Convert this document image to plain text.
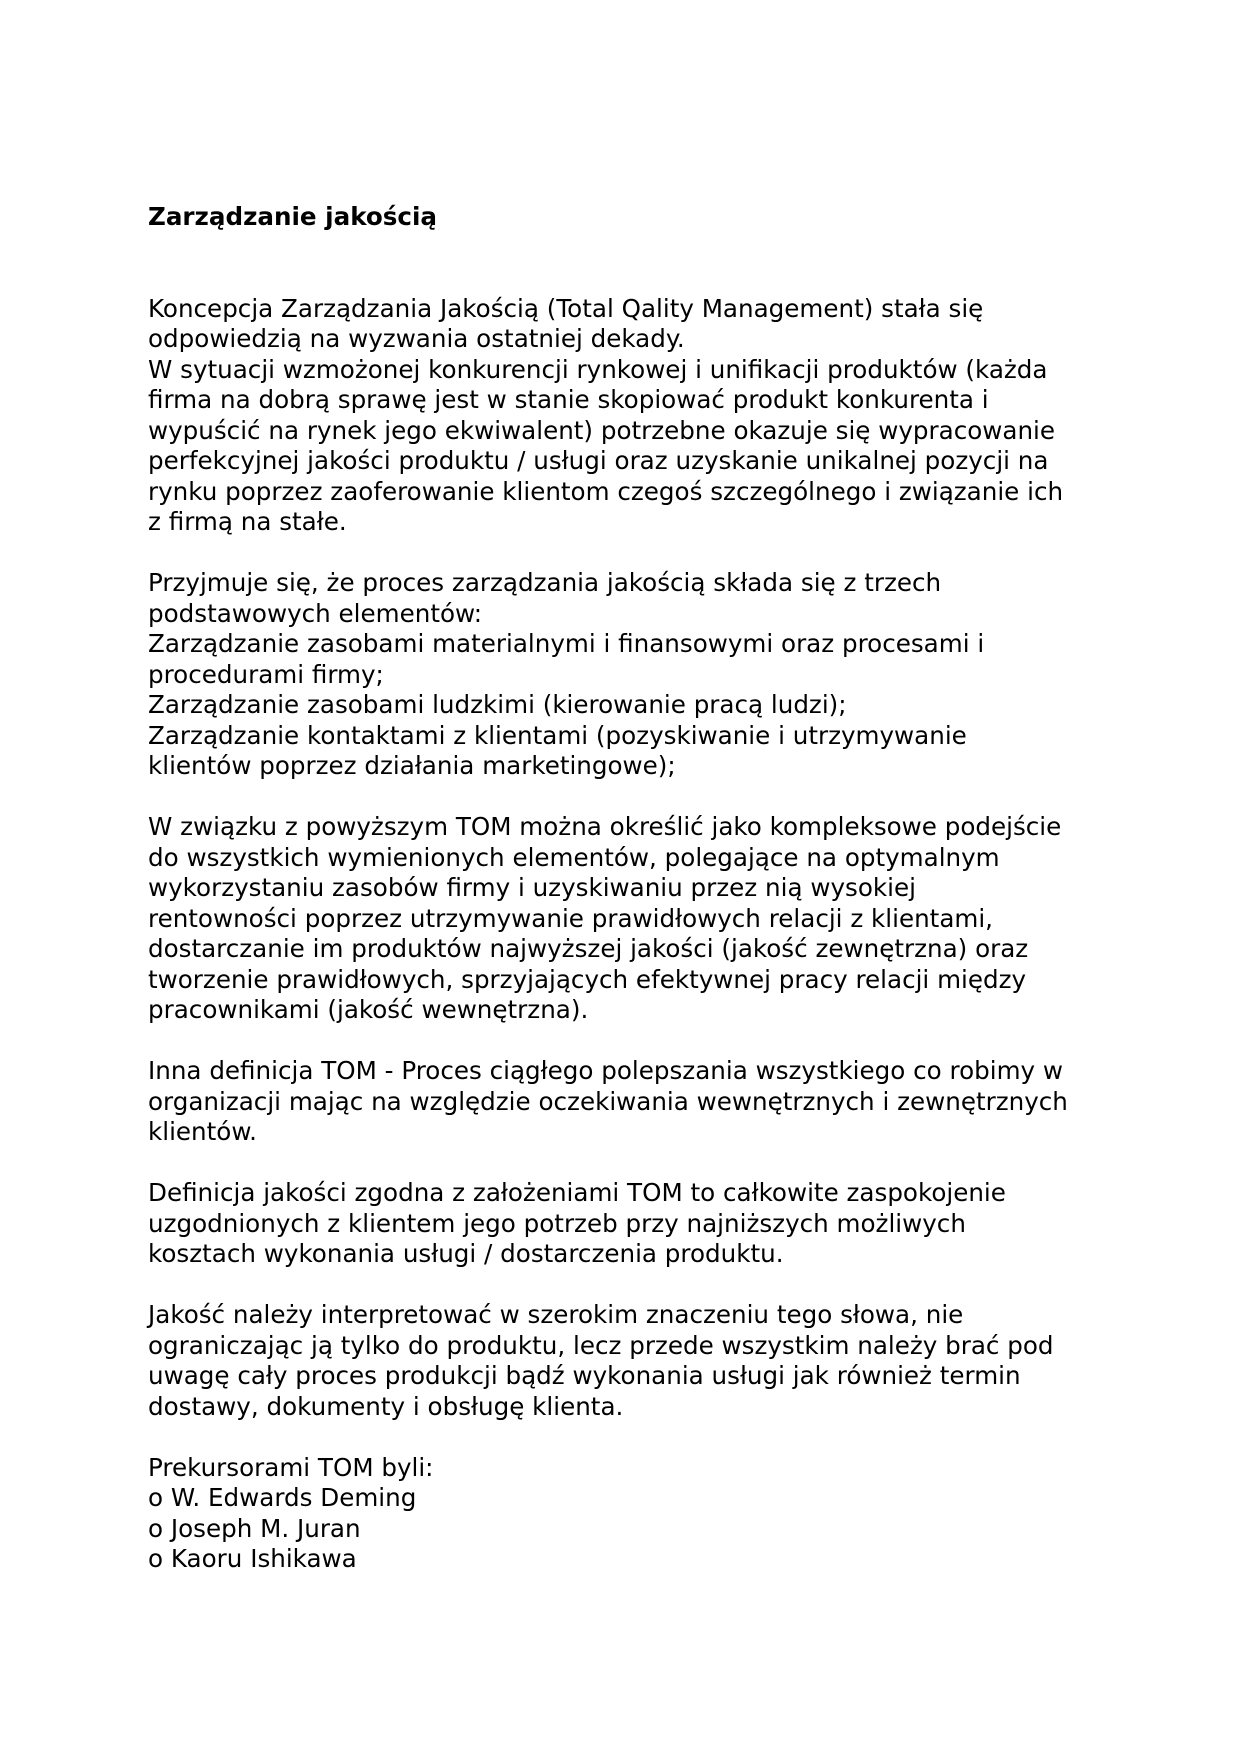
Zarządzanie jakością
Koncepcja Zarządzania Jakością (Total Qality Management) stała się
odpowiedzią na wyzwania ostatniej dekady.
W sytuacji wzmożonej konkurencji rynkowej i unifikacji produktów (każda
firma na dobrą sprawę jest w stanie skopiować produkt konkurenta i
wypuścić na rynek jego ekwiwalent) potrzebne okazuje się wypracowanie
perfekcyjnej jakości produktu / usługi oraz uzyskanie unikalnej pozycji na
rynku poprzez zaoferowanie klientom czegoś szczególnego i związanie ich
z firmą na stałe.
Przyjmuje się, że proces zarządzania jakością składa się z trzech
podstawowych elementów:
Zarządzanie zasobami materialnymi i finansowymi oraz procesami i
procedurami firmy;
Zarządzanie zasobami ludzkimi (kierowanie pracą ludzi);
Zarządzanie kontaktami z klientami (pozyskiwanie i utrzymywanie
klientów poprzez działania marketingowe);
W związku z powyższym TOM można określić jako kompleksowe podejście
do wszystkich wymienionych elementów, polegające na optymalnym
wykorzystaniu zasobów firmy i uzyskiwaniu przez nią wysokiej
rentowności poprzez utrzymywanie prawidłowych relacji z klientami,
dostarczanie im produktów najwyższej jakości (jakość zewnętrzna) oraz
tworzenie prawidłowych, sprzyjających efektywnej pracy relacji między
pracownikami (jakość wewnętrzna).
Inna definicja TOM - Proces ciągłego polepszania wszystkiego co robimy w
organizacji mając na względzie oczekiwania wewnętrznych i zewnętrznych
klientów.
Definicja jakości zgodna z założeniami TOM to całkowite zaspokojenie
uzgodnionych z klientem jego potrzeb przy najniższych możliwych
kosztach wykonania usługi / dostarczenia produktu.
Jakość należy interpretować w szerokim znaczeniu tego słowa, nie
ograniczając ją tylko do produktu, lecz przede wszystkim należy brać pod
uwagę cały proces produkcji bądź wykonania usługi jak również termin
dostawy, dokumenty i obsługę klienta.
Prekursorami TOM byli:
o W. Edwards Deming
o Joseph M. Juran
o Kaoru Ishikawa
